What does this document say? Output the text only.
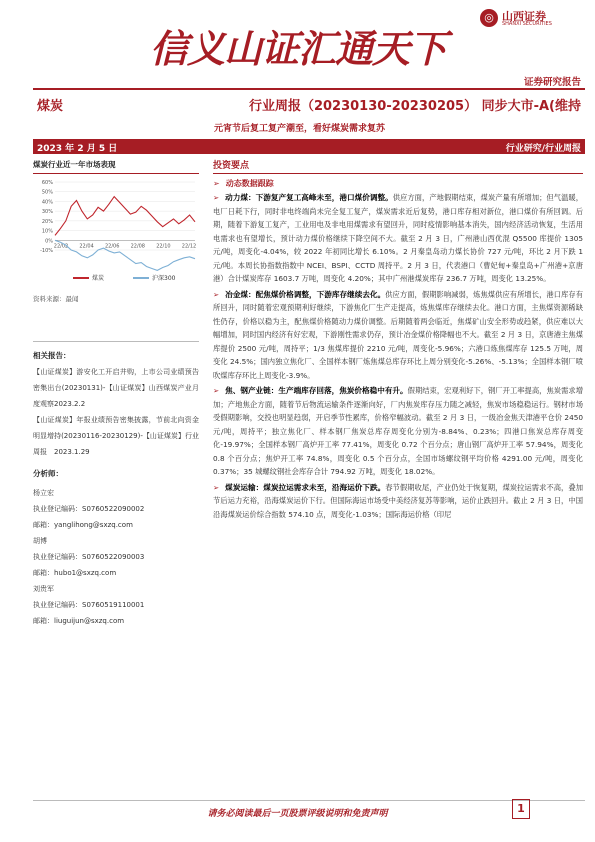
信义山证汇通天下
◎ 山西证券
SHANXI SECURITIES
证券研究报告
煤炭	行业周报（20230130-20230205） 同步大市-A(维持
元宵节后复工复产潮至，看好煤炭需求复苏
2023 年 2 月 5 日	行业研究/行业周报
煤炭行业近一年市场表现
60%
50%
40%
30%
20%
10%
0%
-10%
22/02 22/04 22/06 22/08 22/10 22/12
煤炭	沪深300
资料来源：最闻
相关报告：
【山证煤炭】游安化工开启井购，上市公司业绩预告密集出台(20230131)-【山证煤炭】山西煤炭产业月度观察2023.2.2
【山证煤炭】年报业绩预告密集披露，节前北向资金明显增持(20230116-20230129)-【山证煤炭】行业周报　2023.1.29
分析师：
杨立宏
执业登记编码：S0760522090002
邮箱：yanglihong@sxzq.com
胡博
执业登记编码：S0760522090003
邮箱：hubo1@sxzq.com
刘贵军
执业登记编码：S0760519110001
邮箱：liuguijun@sxzq.com
投资要点
➢ 动态数据跟踪
➢ 动力煤：下游复产复工高峰未至，港口煤价调整。供应方面，产地假期结束，煤炭产量有所增加；但气温暖，电厂日耗下行，同时非电终端尚未完全复工复产，煤炭需求近后复势，港口库存相对新位，港口煤价有所回调。后期，随着下游复工复产，工业用电及非电用煤需求有望回升，同时疫情影响基本消失，国内经济活动恢复，生活用电需求也有望增长，预计动力煤价格继续下降空间不大。截至 2 月 3 日，广州港山西优混 Q5500 库提价 1305 元/吨，周变化-4.04%，较 2022 年初同比增长 6.10%。2 月秦皇岛动力煤长协价 727 元/吨，环比 2 月下跌 1 元/吨。本周长协指数指数中 NCEI、BSPI、CCTD 周持平。2 月 3 日，代表港口（曹妃甸+秦皇岛+广州港+京唐港）合计煤炭库存 1603.7 万吨，周变化 4.20%；其中广州港煤炭库存 236.7 万吨，周变化 13.25%。
➢ 冶金煤：配焦煤价格调整，下游库存继续去化。供应方面，假期影响减弱，炼焦煤供应有所增长，港口库存有所回升，同时随着宏观预期利好继续，下游焦化厂生产走提高，炼焦煤库存继续去化。港口方面，主焦煤资源稀缺性仍存，价格以稳为主，配焦煤价格随动力煤价调整。后期随着两会临近，焦煤矿山安全形势或趋紧，供应难以大幅增加，同时国内经济有好宏观，下游刚性需求仍存，预计冶金煤价格降幅也不大。截至 2 月 3 日，京唐港主焦煤库提价 2500 元/吨，周持平；1/3 焦煤库提价 2210 元/吨，周变化-5.96%；六港口炼焦煤库存 125.5 万吨，周变化 24.5%；国内独立焦化厂、全国样本钢厂炼焦煤总库存环比上周分别变化-5.26%、-5.13%；全国样本钢厂喷吹煤库存环比上周变化-3.9%。
➢ 焦、钢产业链：生产端库存回落，焦炭价格稳中有升。假期结束，宏观利好下，钢厂开工率提高，焦炭需求增加；产地焦企方面，随着节后物流运输条件逐渐向好，厂内焦炭库存压力随之减轻，焦炭市场稳稳运行。钢材市场受假期影响，交投也明显趋弱，开启季节性累库，价格窄幅波动。截至 2 月 3 日，一级冶金焦天津港平仓价 2450 元/吨，周持平；独立焦化厂、样本钢厂焦炭总库存周变化分别为-8.84%、0.23%；四港口焦炭总库存周变化-19.97%；全国样本钢厂高炉开工率 77.41%，周变化 0.72 个百分点；唐山钢厂高炉开工率 57.94%，周变化 0.8 个百分点；焦炉开工率 74.8%，周变化 0.5 个百分点，全国市场螺纹钢平均价格 4291.00 元/吨，周变化 0.37%；35 城螺纹钢社会库存合计 794.92 万吨，周变化 18.02%。
➢ 煤炭运输：煤炭拉运需求未至，沿海运价下跌。春节假期收尾，产业仍处于恢复期，煤炭拉运需求不高，叠加节后运力充裕，沿海煤炭运价下行。但国际海运市场受中美经济复苏等影响，运价止跌回升。截止 2 月 3 日，中国沿海煤炭运价综合指数 574.10 点，周变化-1.03%；国际海运价格（印尼
请务必阅读最后一页股票评级说明和免责声明	1
